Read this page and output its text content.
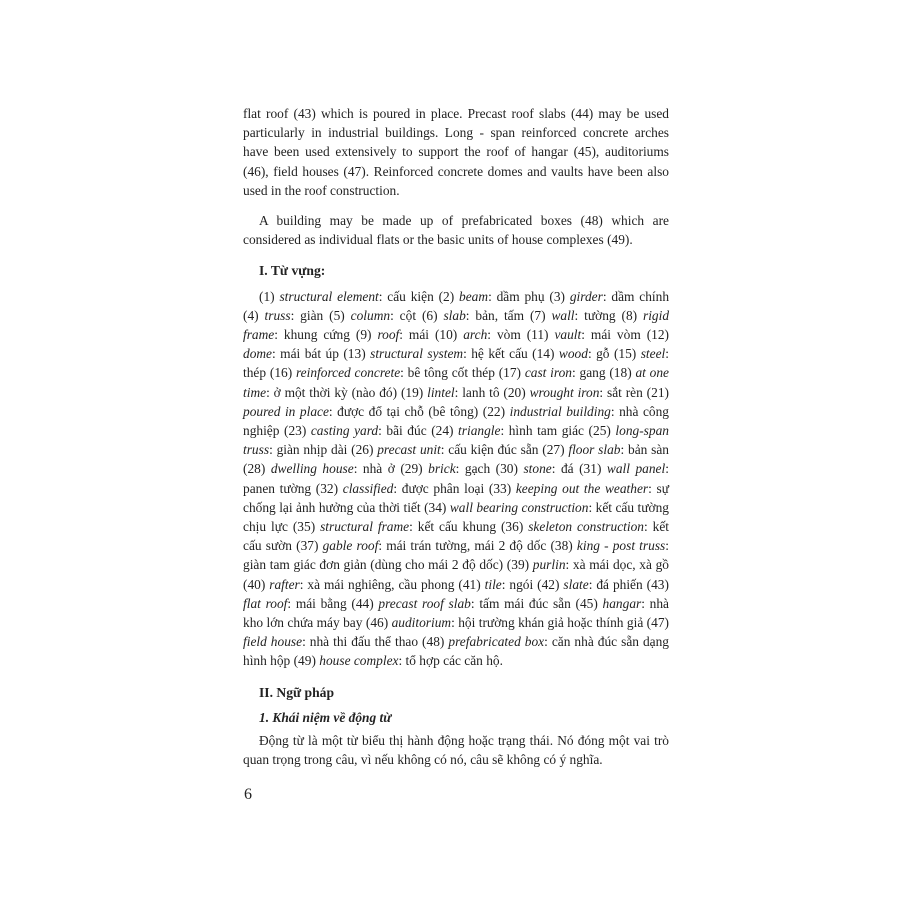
flat roof (43) which is poured in place. Precast roof slabs (44) may be used particularly in industrial buildings. Long - span reinforced concrete arches have been used extensively to support the roof of hangar (45), auditoriums (46), field houses (47). Reinforced concrete domes and vaults have been also used in the roof construction.

A building may be made up of prefabricated boxes (48) which are considered as individual flats or the basic units of house complexes (49).

I. Từ vựng:

(1) structural element: cấu kiện (2) beam: dầm phụ (3) girder: dầm chính (4) truss: giàn (5) column: cột (6) slab: bản, tấm (7) wall: tường (8) rigid frame: khung cứng (9) roof: mái (10) arch: vòm (11) vault: mái vòm (12) dome: mái bát úp (13) structural system: hệ kết cấu (14) wood: gỗ (15) steel: thép (16) reinforced concrete: bê tông cốt thép (17) cast iron: gang (18) at one time: ở một thời kỳ (nào đó) (19) lintel: lanh tô (20) wrought iron: sắt rèn (21) poured in place: được đổ tại chỗ (bê tông) (22) industrial building: nhà công nghiệp (23) casting yard: bãi đúc (24) triangle: hình tam giác (25) long-span truss: giàn nhịp dài (26) precast unit: cấu kiện đúc sẵn (27) floor slab: bản sàn (28) dwelling house: nhà ở (29) brick: gạch (30) stone: đá (31) wall panel: panen tường (32) classified: được phân loại (33) keeping out the weather: sự chống lại ảnh hưởng của thời tiết (34) wall bearing construction: kết cấu tường chịu lực (35) structural frame: kết cấu khung (36) skeleton construction: kết cấu sườn (37) gable roof: mái trán tường, mái 2 độ dốc (38) king - post truss: giàn tam giác đơn giản (dùng cho mái 2 độ dốc) (39) purlin: xà mái dọc, xà gồ (40) rafter: xà mái nghiêng, cầu phong (41) tile: ngói (42) slate: đá phiến (43) flat roof: mái bằng (44) precast roof slab: tấm mái đúc sẵn (45) hangar: nhà kho lớn chứa máy bay (46) auditorium: hội trường khán giả hoặc thính giả (47) field house: nhà thi đấu thể thao (48) prefabricated box: căn nhà đúc sẵn dạng hình hộp (49) house complex: tổ hợp các căn hộ.

II. Ngữ pháp

1. Khái niệm về động từ

Động từ là một từ biểu thị hành động hoặc trạng thái. Nó đóng một vai trò quan trọng trong câu, vì nếu không có nó, câu sẽ không có ý nghĩa.

6
